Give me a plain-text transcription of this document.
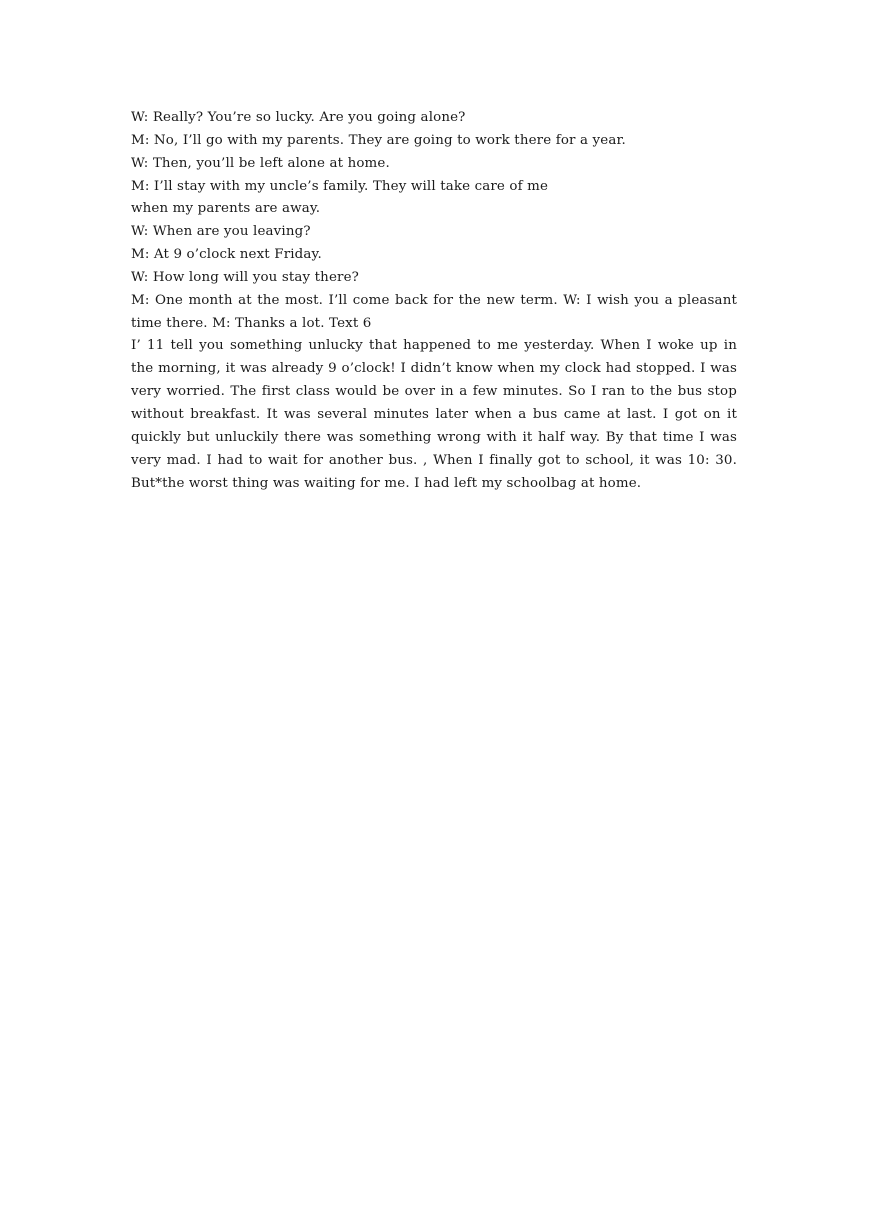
W: Really? You’re so lucky. Are you going alone?
M: No, I’ll go with my parents. They are going to work there for a year.
W: Then, you’ll be left alone at home.
M: I’ll stay with my uncle’s family. They will take care of me
when my parents are away.
W: When are you leaving?
M: At 9 o’clock next Friday.
W: How long will you stay there?
M: One month at the most. I’ll come back for the new term. W: I wish you a pleasant time there. M: Thanks a lot. Text 6
I’ 11 tell you something unlucky that happened to me yesterday. When I woke up in the morning, it was already 9 o’clock! I didn’t know when my clock had stopped. I was very worried. The first class would be over in a few minutes. So I ran to the bus stop without breakfast. It was several minutes later when a bus came at last. I got on it quickly but unluckily there was something wrong with it half way. By that time I was very mad. I had to wait for another bus. , When I finally got to school, it was 10: 30. But*the worst thing was waiting for me. I had left my schoolbag at home.
